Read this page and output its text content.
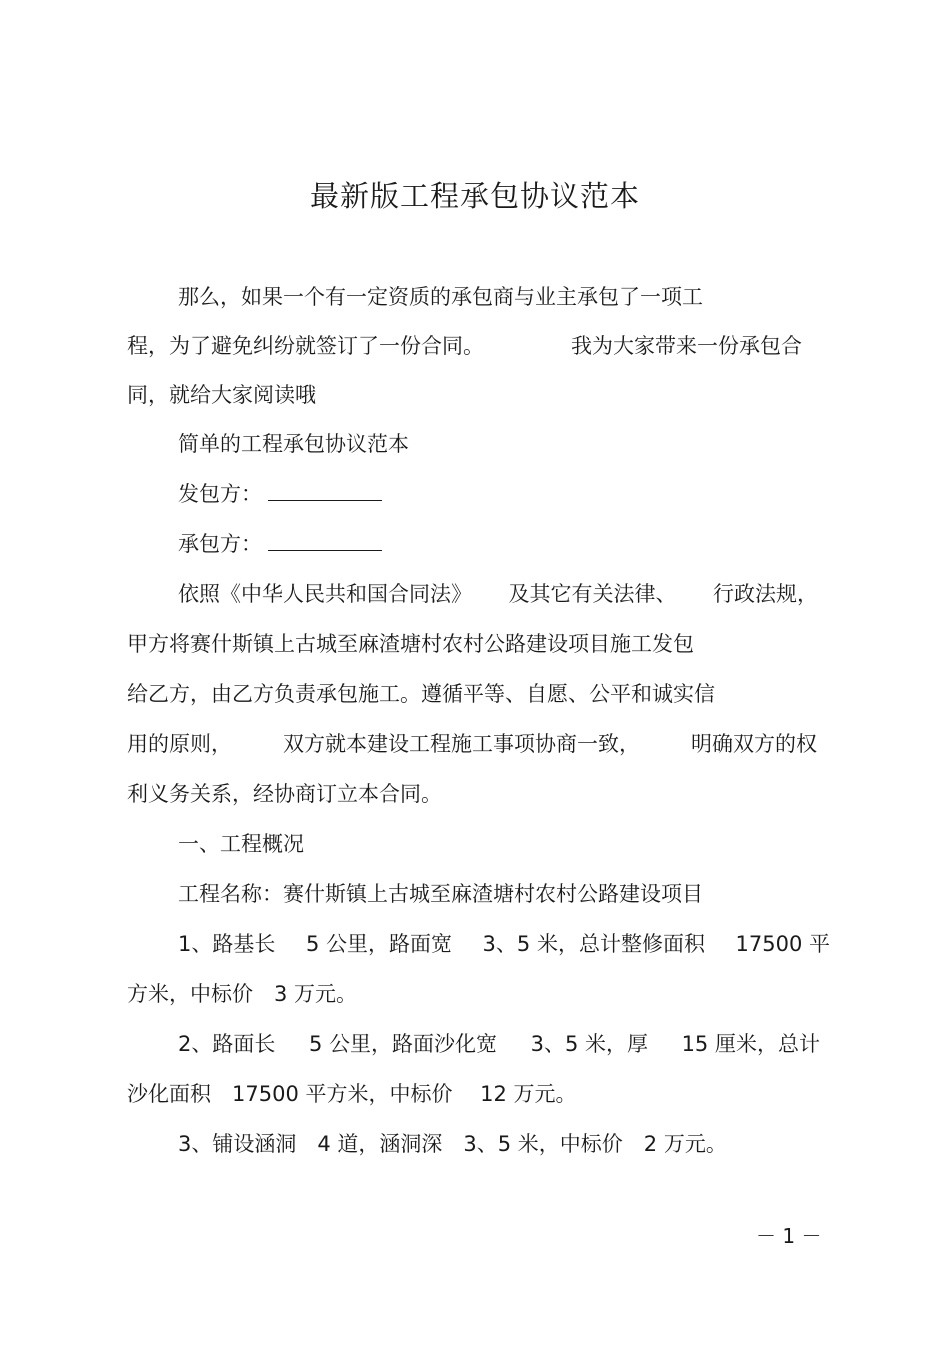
最新版工程承包协议范本

那么，如果一个有一定资质的承包商与业主承包了一项工

程，为了避免纠纷就签订了一份合同。	我为大家带来一份承包合

同，就给大家阅读哦

简单的工程承包协议范本

发包方：

承包方：

依照《中华人民共和国合同法》 及其它有关法律、 行政法规，

甲方将赛什斯镇上古城至麻渣塘村农村公路建设项目施工发包

给乙方，由乙方负责承包施工。遵循平等、自愿、公平和诚实信

用的原则， 双方就本建设工程施工事项协商一致， 明确双方的权

利义务关系，经协商订立本合同。

一、工程概况

工程名称：赛什斯镇上古城至麻渣塘村农村公路建设项目

1、路基长 5 公里，路面宽 3、5 米，总计整修面积 17500 平

方米，中标价　3 万元。

2、路面长 5 公里，路面沙化宽 3、5 米，厚 15 厘米，总计

沙化面积　17500 平方米，中标价　 12 万元。

3、铺设涵洞　4 道，涵洞深　3、5 米，中标价　2 万元。

－ 1 －
